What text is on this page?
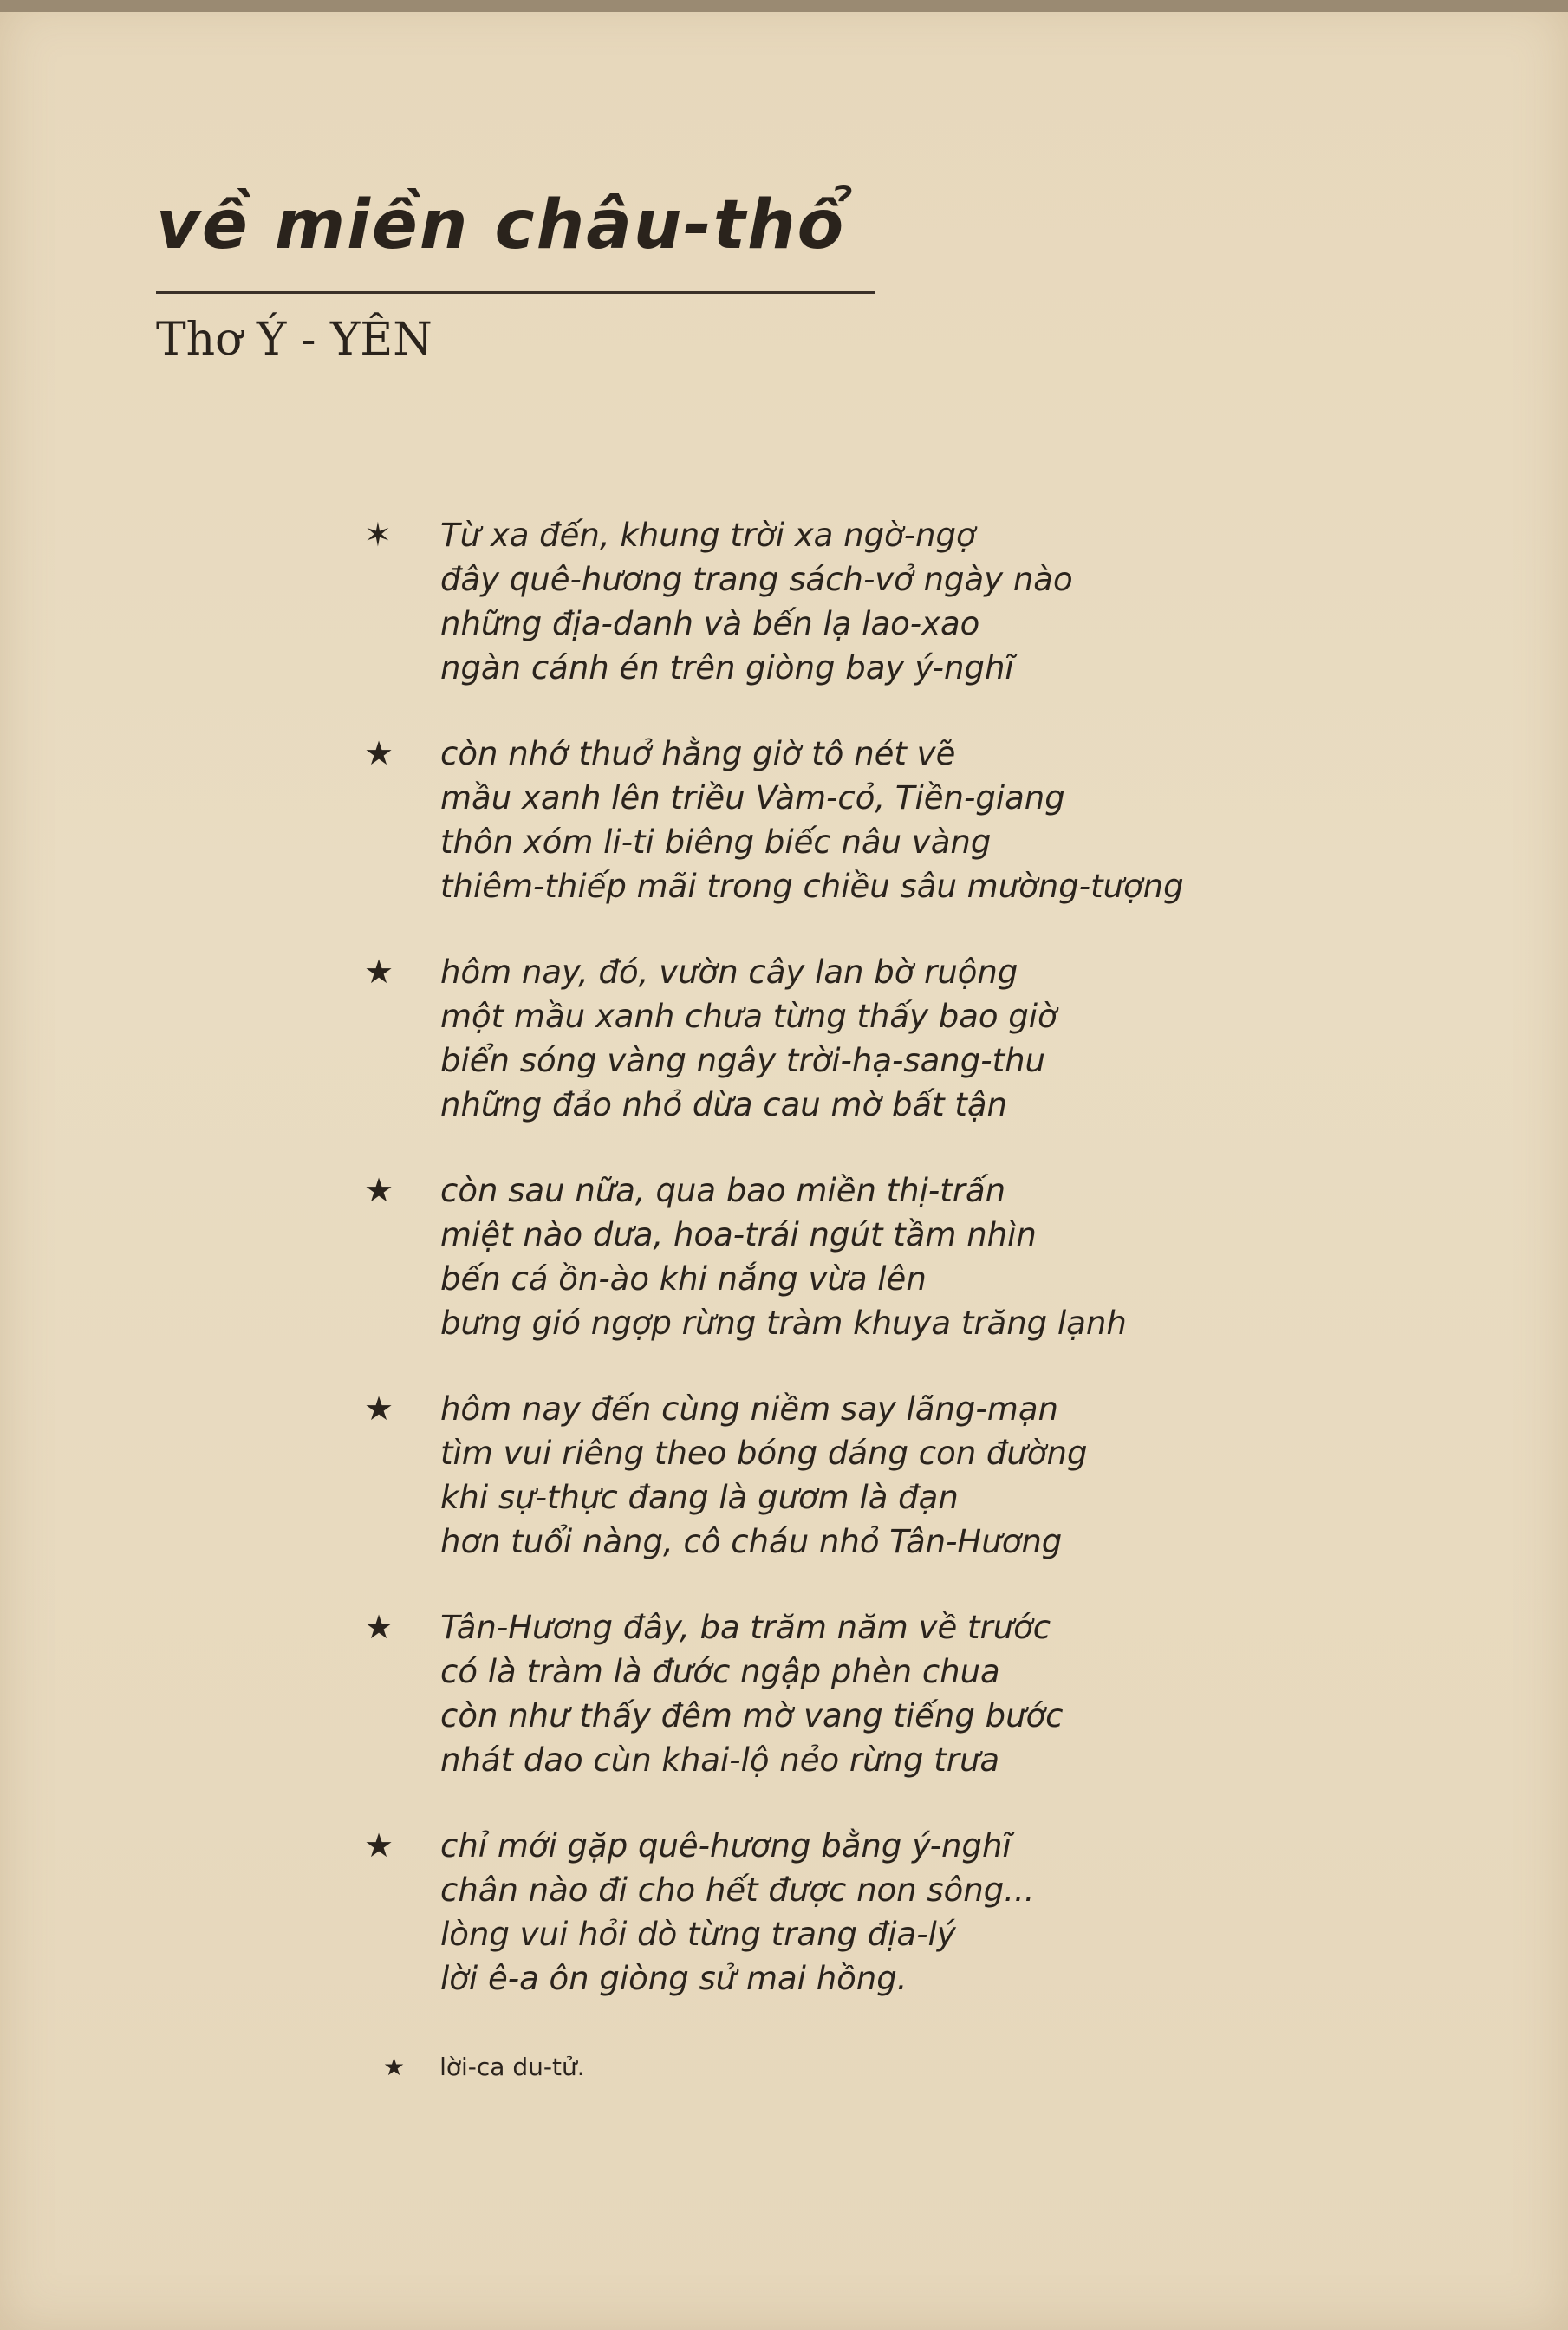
về miền châu-thổ
Thơ Ý - YÊN
✶ Từ xa đến, khung trời xa ngờ-ngợ
đây quê-hương trang sách-vở ngày nào
những địa-danh và bến lạ lao-xao
ngàn cánh én trên giòng bay ý-nghĩ
★ còn nhớ thuở hằng giờ tô nét vẽ
mầu xanh lên triều Vàm-cỏ, Tiền-giang
thôn xóm li-ti biêng biếc nâu vàng
thiêm-thiếp mãi trong chiều sâu mường-tượng
★ hôm nay, đó, vườn cây lan bờ ruộng
một mầu xanh chưa từng thấy bao giờ
biển sóng vàng ngây trời-hạ-sang-thu
những đảo nhỏ dừa cau mờ bất tận
★ còn sau nữa, qua bao miền thị-trấn
miệt nào dưa, hoa-trái ngút tầm nhìn
bến cá ồn-ào khi nắng vừa lên
bưng gió ngợp rừng tràm khuya trăng lạnh
★ hôm nay đến cùng niềm say lãng-mạn
tìm vui riêng theo bóng dáng con đường
khi sự-thực đang là gươm là đạn
hơn tuổi nàng, cô cháu nhỏ Tân-Hương
★ Tân-Hương đây, ba trăm năm về trước
có là tràm là đước ngập phèn chua
còn như thấy đêm mờ vang tiếng bước
nhát dao cùn khai-lộ nẻo rừng trưa
★ chỉ mới gặp quê-hương bằng ý-nghĩ
chân nào đi cho hết được non sông...
lòng vui hỏi dò từng trang địa-lý
lời ê-a ôn giòng sử mai hồng.
★ lời-ca du-tử.
